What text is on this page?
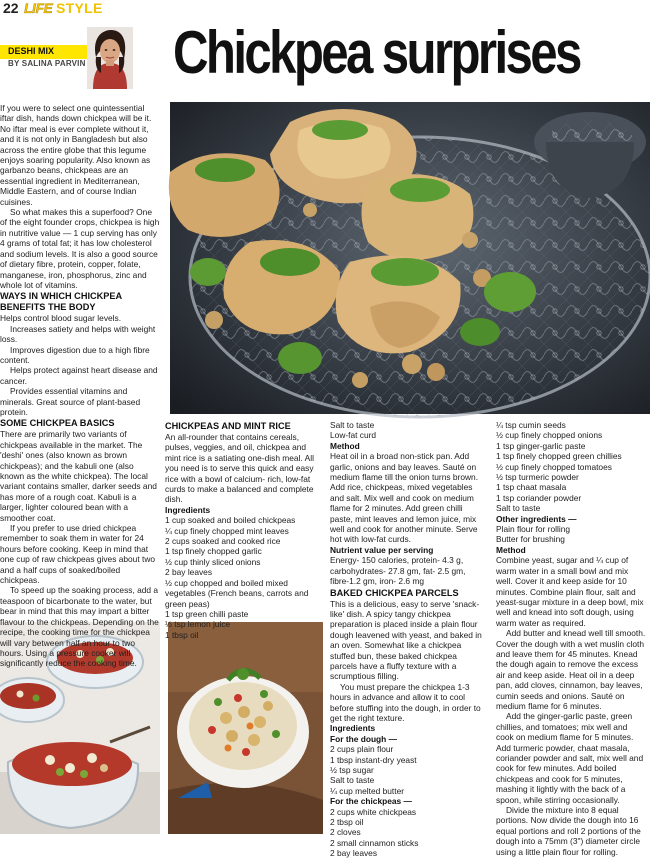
22 LIFE STYLE
DESHI MIX
BY SALINA PARVIN Chickpea surprises

If you were to select one quintessential iftar dish, hands down chickpea will be it. No iftar meal is ever complete without it, and it is not only in Bangladesh but also across the entire globe that this legume enjoys soaring popularity. Also known as garbanzo beans, chickpeas are an essential ingredient in Mediterranean, Middle Eastern, and of course Indian cuisines.

So what makes this a superfood? One of the eight founder crops, chickpea is high in nutritive value — 1 cup serving has only 4 grams of total fat; it has low cholesterol and sodium levels. It is also a good source of dietary fibre, protein, copper, folate, manganese, iron, phosphorus, zinc and whole lot of vitamins.

WAYS IN WHICH CHICKPEA BENEFITS THE BODY

Helps control blood sugar levels.

Increases satiety and helps with weight loss.

Improves digestion due to a high fibre content.

Helps protect against heart disease and cancer.

Provides essential vitamins and minerals. Great source of plant-based protein.

SOME CHICKPEA BASICS

There are primarily two variants of chickpeas available in the market. The 'deshi' ones (also known as brown chickpeas); and the kabuli one (also known as the white chickpea). The local variant contains smaller, darker seeds and has more of a rough coat. Kabuli is a larger, lighter coloured bean with a smoother coat.

If you prefer to use dried chickpea remember to soak them in water for 24 hours before cooking. Keep in mind that one cup of raw chickpeas gives about two and a half cups of soaked/boiled chickpeas.

To speed up the soaking process, add a teaspoon of bicarbonate to the water, but bear in mind that this may impart a bitter flavour to the chickpeas. Depending on the recipe, the cooking time for the chickpea will vary between half an hour to two hours. Using a pressure cooker will significantly reduce the cooking time.

CHICKPEAS AND MINT RICE

An all-rounder that contains cereals, pulses, veggies, and oil, chickpea and mint rice is a satiating one-dish meal. All you need is to serve this quick and easy rice with a bowl of calcium- rich, low-fat curds to make a balanced and complete dish.

Ingredients

1 cup soaked and boiled chickpeas

¼ cup finely chopped mint leaves

2 cups soaked and cooked rice

1 tsp finely chopped garlic

½ cup thinly sliced onions

2 bay leaves

½ cup chopped and boiled mixed vegetables (French beans, carrots and green peas)

1 tsp green chilli paste

½ tsp lemon juice

1 tbsp oil

Salt to taste

Low-fat curd

Method

Heat oil in a broad non-stick pan. Add garlic, onions and bay leaves. Sauté on medium flame till the onion turns brown. Add rice, chickpeas, mixed vegetables and salt. Mix well and cook on medium flame for 2 minutes. Add green chilli paste, mint leaves and lemon juice, mix well and cook for another minute. Serve hot with low-fat curds.

Nutrient value per serving

Energy- 150 calories, protein- 4.3 g, carbohydrates- 27.8 gm, fat- 2.5 gm, fibre-1.2 gm, iron- 2.6 mg

BAKED CHICKPEA PARCELS

This is a delicious, easy to serve 'snack-like' dish. A spicy tangy chickpea preparation is placed inside a plain flour dough leavened with yeast, and baked in an oven. Somewhat like a chickpea stuffed bun, these baked chickpea parcels have a fluffy texture with a scrumptious filling.

You must prepare the chickpea 1-3 hours in advance and allow it to cool before stuffing into the dough, in order to get the right texture.

Ingredients

For the dough —

2 cups plain flour

1 tbsp instant-dry yeast

½ tsp sugar

Salt to taste

¼ cup melted butter

For the chickpeas —

2 cups white chickpeas

2 tbsp oil

2 cloves

2 small cinnamon sticks

2 bay leaves

¼ tsp cumin seeds

½ cup finely chopped onions

1 tsp ginger-garlic paste

1 tsp finely chopped green chillies

½ cup finely chopped tomatoes

½ tsp turmeric powder

1 tsp chaat masala

1 tsp coriander powder

Salt to taste

Other ingredients —

Plain flour for rolling

Butter for brushing

Method

Combine yeast, sugar and ¼ cup of warm water in a small bowl and mix well. Cover it and keep aside for 10 minutes. Combine plain flour, salt and yeast-sugar mixture in a deep bowl, mix well and knead into soft dough, using warm water as required.

Add butter and knead well till smooth. Cover the dough with a wet muslin cloth and leave them for 45 minutes. Knead the dough again to remove the excess air and keep aside. Heat oil in a deep pan, add cloves, cinnamon, bay leaves, cumin seeds and onions. Sauté on medium flame for 6 minutes.

Add the ginger-garlic paste, green chillies, and tomatoes; mix well and cook on medium flame for 5 minutes. Add turmeric powder, chaat masala, coriander powder and salt, mix well and cook for few minutes. Add boiled chickpeas and cook for 5 minutes, mashing it lightly with the back of a spoon, while stirring occasionally.

Divide the mixture into 8 equal portions. Now divide the dough into 16 equal portions and roll 2 portions of the dough into a 75mm (3") diameter circle using a little plain flour for rolling.
